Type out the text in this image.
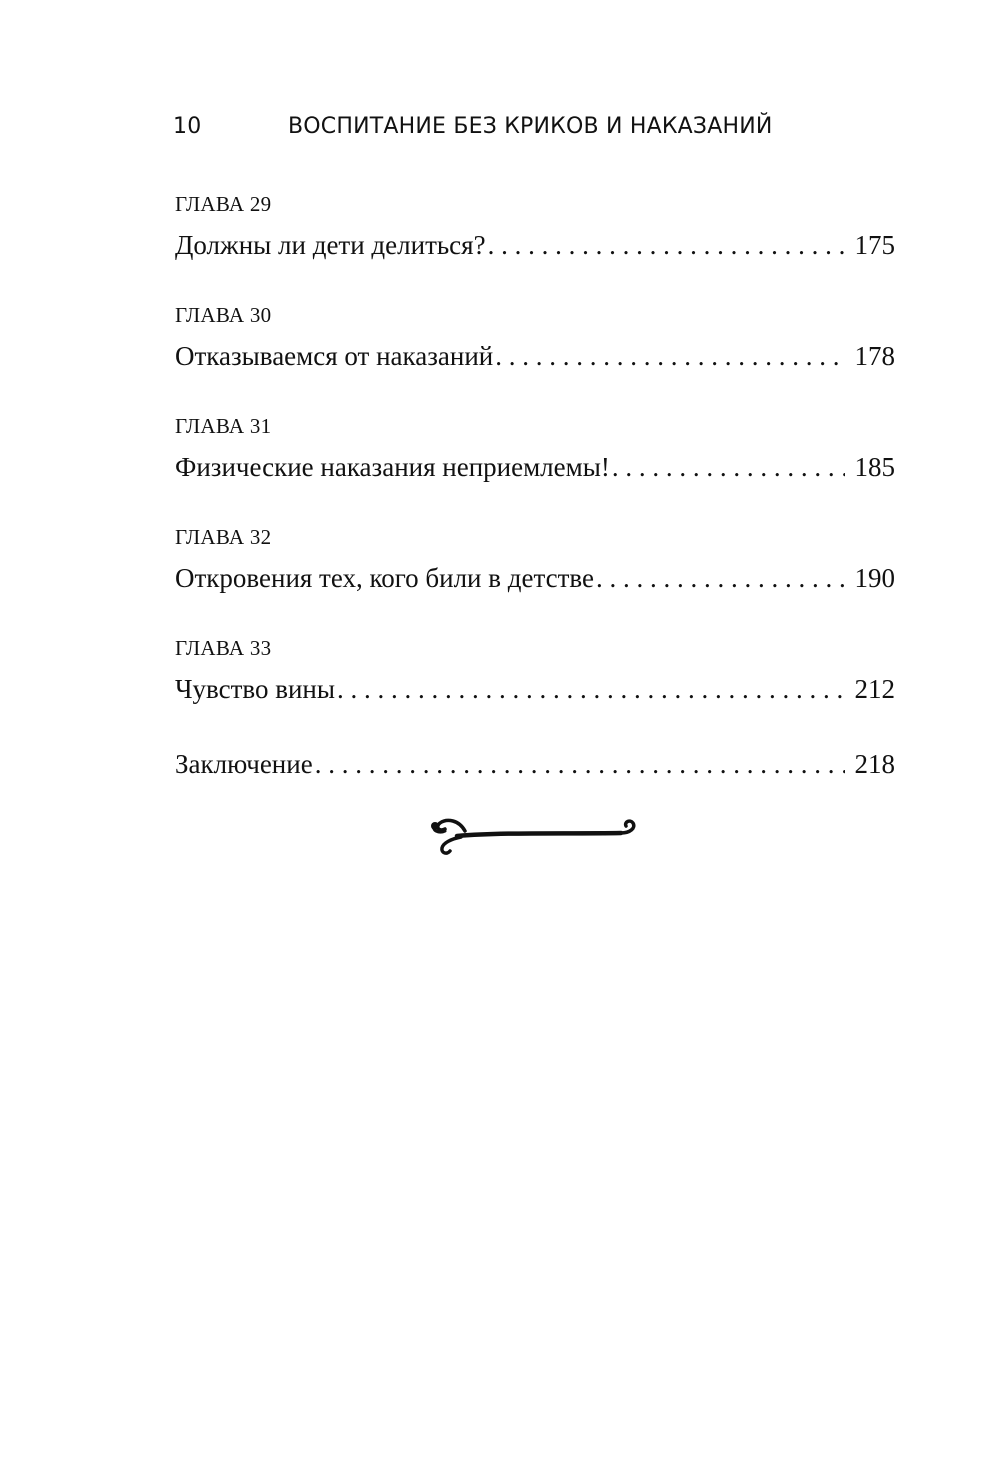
10	ВОСПИТАНИЕ БЕЗ КРИКОВ И НАКАЗАНИЙ
ГЛАВА 29
Должны ли дети делиться? . . .	175
ГЛАВА 30
Отказываемся от наказаний . . .	178
ГЛАВА 31
Физические наказания неприемлемы! . . .	185
ГЛАВА 32
Откровения тех, кого били в детстве . . .	190
ГЛАВА 33
Чувство вины . . .	212
Заключение . . .	218
